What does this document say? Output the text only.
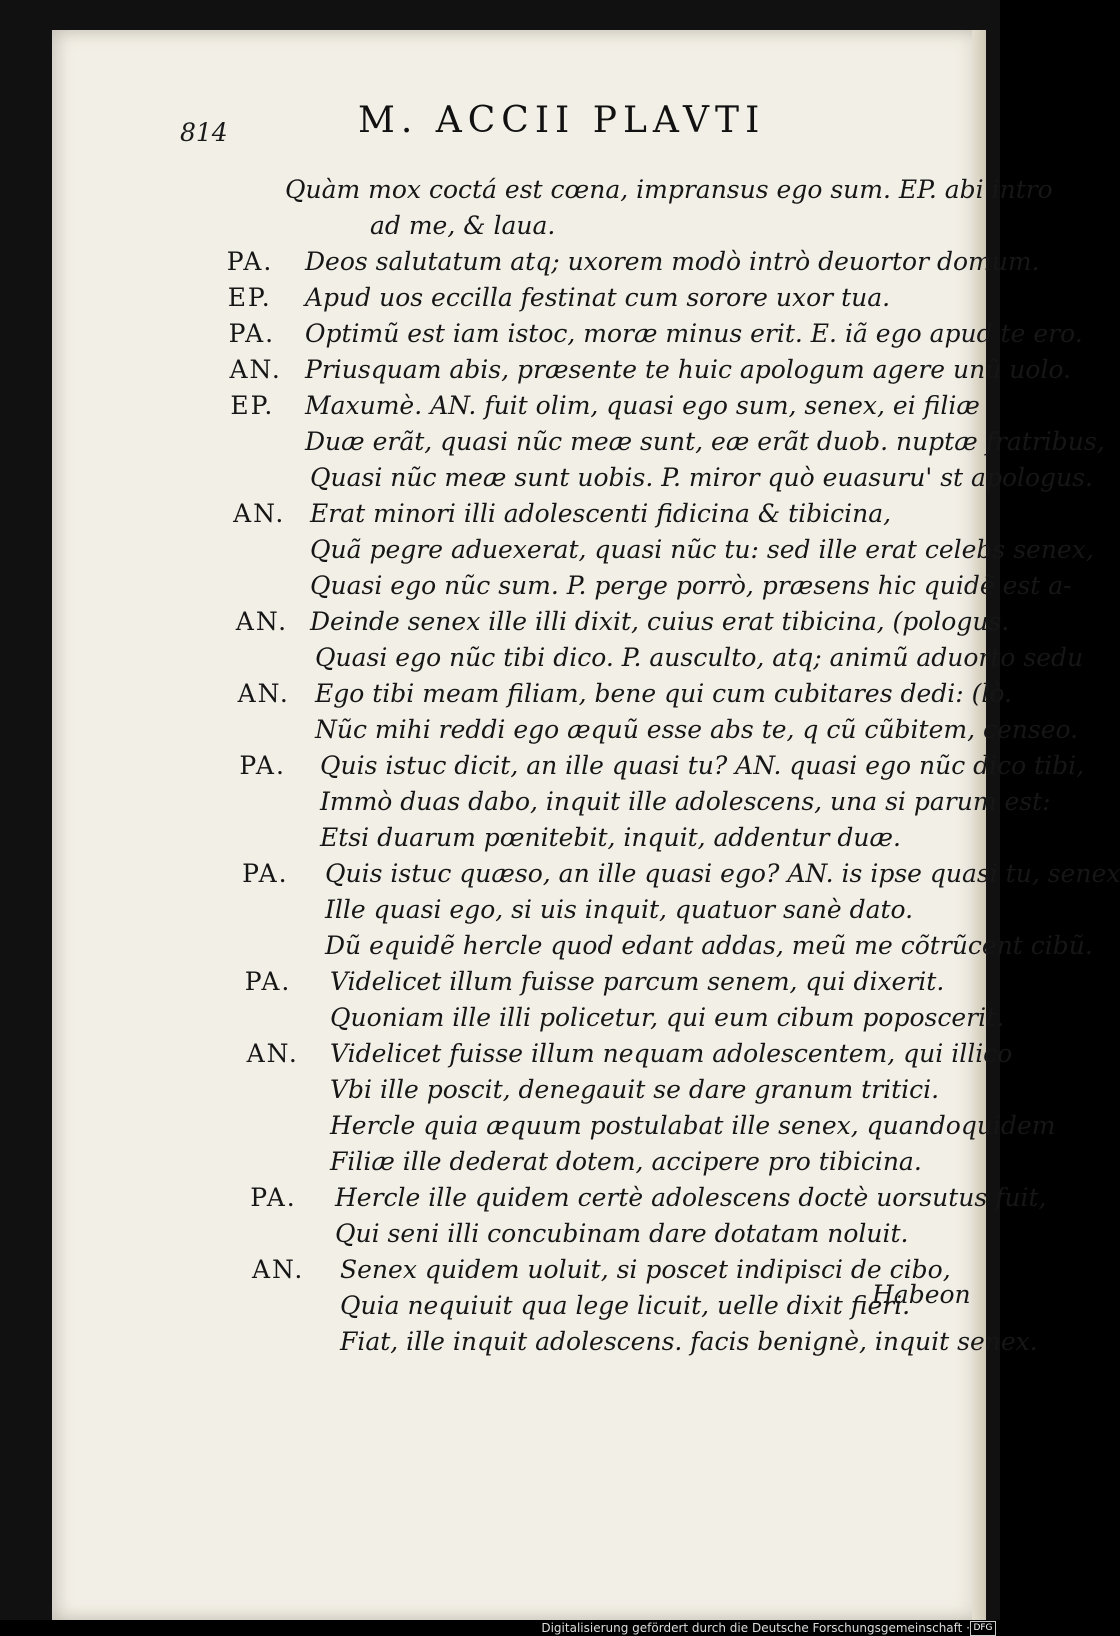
814	M. ACCII PLAVTI
Quàm mox coctá est cœna, impransus ego sum. EP. abi intro
ad me, & laua.
PA. Deos salutatum atq; uxorem modò intrò deuortor domum.
EP. Apud uos eccilla festinat cum sorore uxor tua.
PA. Optimũ est iam istoc, moræ minus erit. E. iã ego apud te ero.
AN. Priusquam abis, præsente te huic apologum agere unũ uolo.
EP. Maxumè. AN. fuit olim, quasi ego sum, senex, ei filiæ
Duæ erãt, quasi nũc meæ sunt, eæ erãt duob. nuptæ fratribus,
Quasi nũc meæ sunt uobis. P. miror quò euasuru' st apologus.
AN. Erat minori illi adolescenti fidicina & tibicina,
Quã pegre aduexerat, quasi nũc tu: sed ille erat celebs senex,
Quasi ego nũc sum. P. perge porrò, præsens hic quidẽ est a-
AN. Deinde senex ille illi dixit, cuius erat tibicina, (pologus.
Quasi ego nũc tibi dico. P. ausculto, atq; animũ aduorto sedu
AN. Ego tibi meam filiam, bene qui cum cubitares dedi: (lò.
Nũc mihi reddi ego æquũ esse abs te, q cũ cũbitem, censeo.
PA. Quis istuc dicit, an ille quasi tu? AN. quasi ego nũc dico tibi,
Immò duas dabo, inquit ille adolescens, una si parum est:
Etsi duarum pœnitebit, inquit, addentur duæ.
PA. Quis istuc quæso, an ille quasi ego? AN. is ipse quasi tu, senex
Ille quasi ego, si uis inquit, quatuor sanè dato.
Dũ equidẽ hercle quod edant addas, meũ me cõtrũcent cibũ.
PA. Videlicet illum fuisse parcum senem, qui dixerit.
Quoniam ille illi policetur, qui eum cibum poposcerit.
AN. Videlicet fuisse illum nequam adolescentem, qui illico
Vbi ille poscit, denegauit se dare granum tritici.
Hercle quia æquum postulabat ille senex, quandoquidem
Filiæ ille dederat dotem, accipere pro tibicina.
PA. Hercle ille quidem certè adolescens doctè uorsutus fuit,
Qui seni illi concubinam dare dotatam noluit.
AN. Senex quidem uoluit, si poscet indipisci de cibo,
Quia nequiuit qua lege licuit, uelle dixit fieri.
Fiat, ille inquit adolescens. facis benignè, inquit senex.
Habeon
Digitalisierung gefördert durch die Deutsche Forschungsgemeinschaft · DFG
